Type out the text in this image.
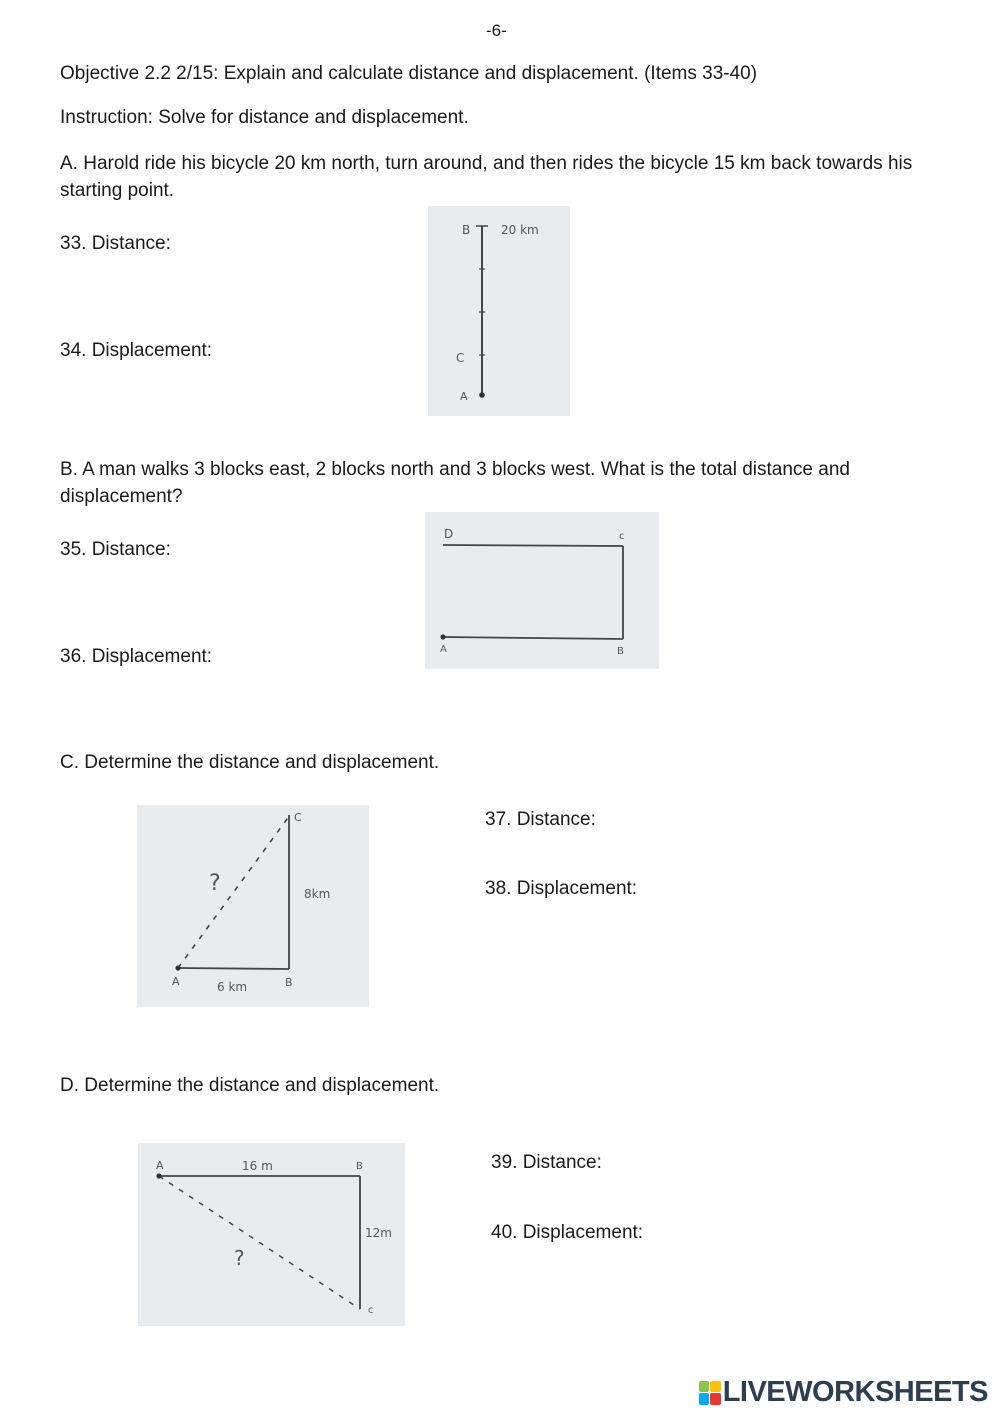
-6-
Objective 2.2 2/15: Explain and calculate distance and displacement. (Items 33-40)
Instruction: Solve for distance and displacement.
A. Harold ride his bicycle 20 km north, turn around, and then rides the bicycle 15 km back towards his starting point.
33. Distance:
34. Displacement:
B	20 km
C
A
B. A man walks 3 blocks east, 2 blocks north and 3 blocks west. What is the total distance and displacement?
35. Distance:
36. Displacement:
D	c
A	B
C. Determine the distance and displacement.
37. Distance:
38. Displacement:
C
8km
?
A	6 km	B
D. Determine the distance and displacement.
39. Distance:
40. Displacement:
A	16 m	B
12m
?
c
LIVEWORKSHEETS
